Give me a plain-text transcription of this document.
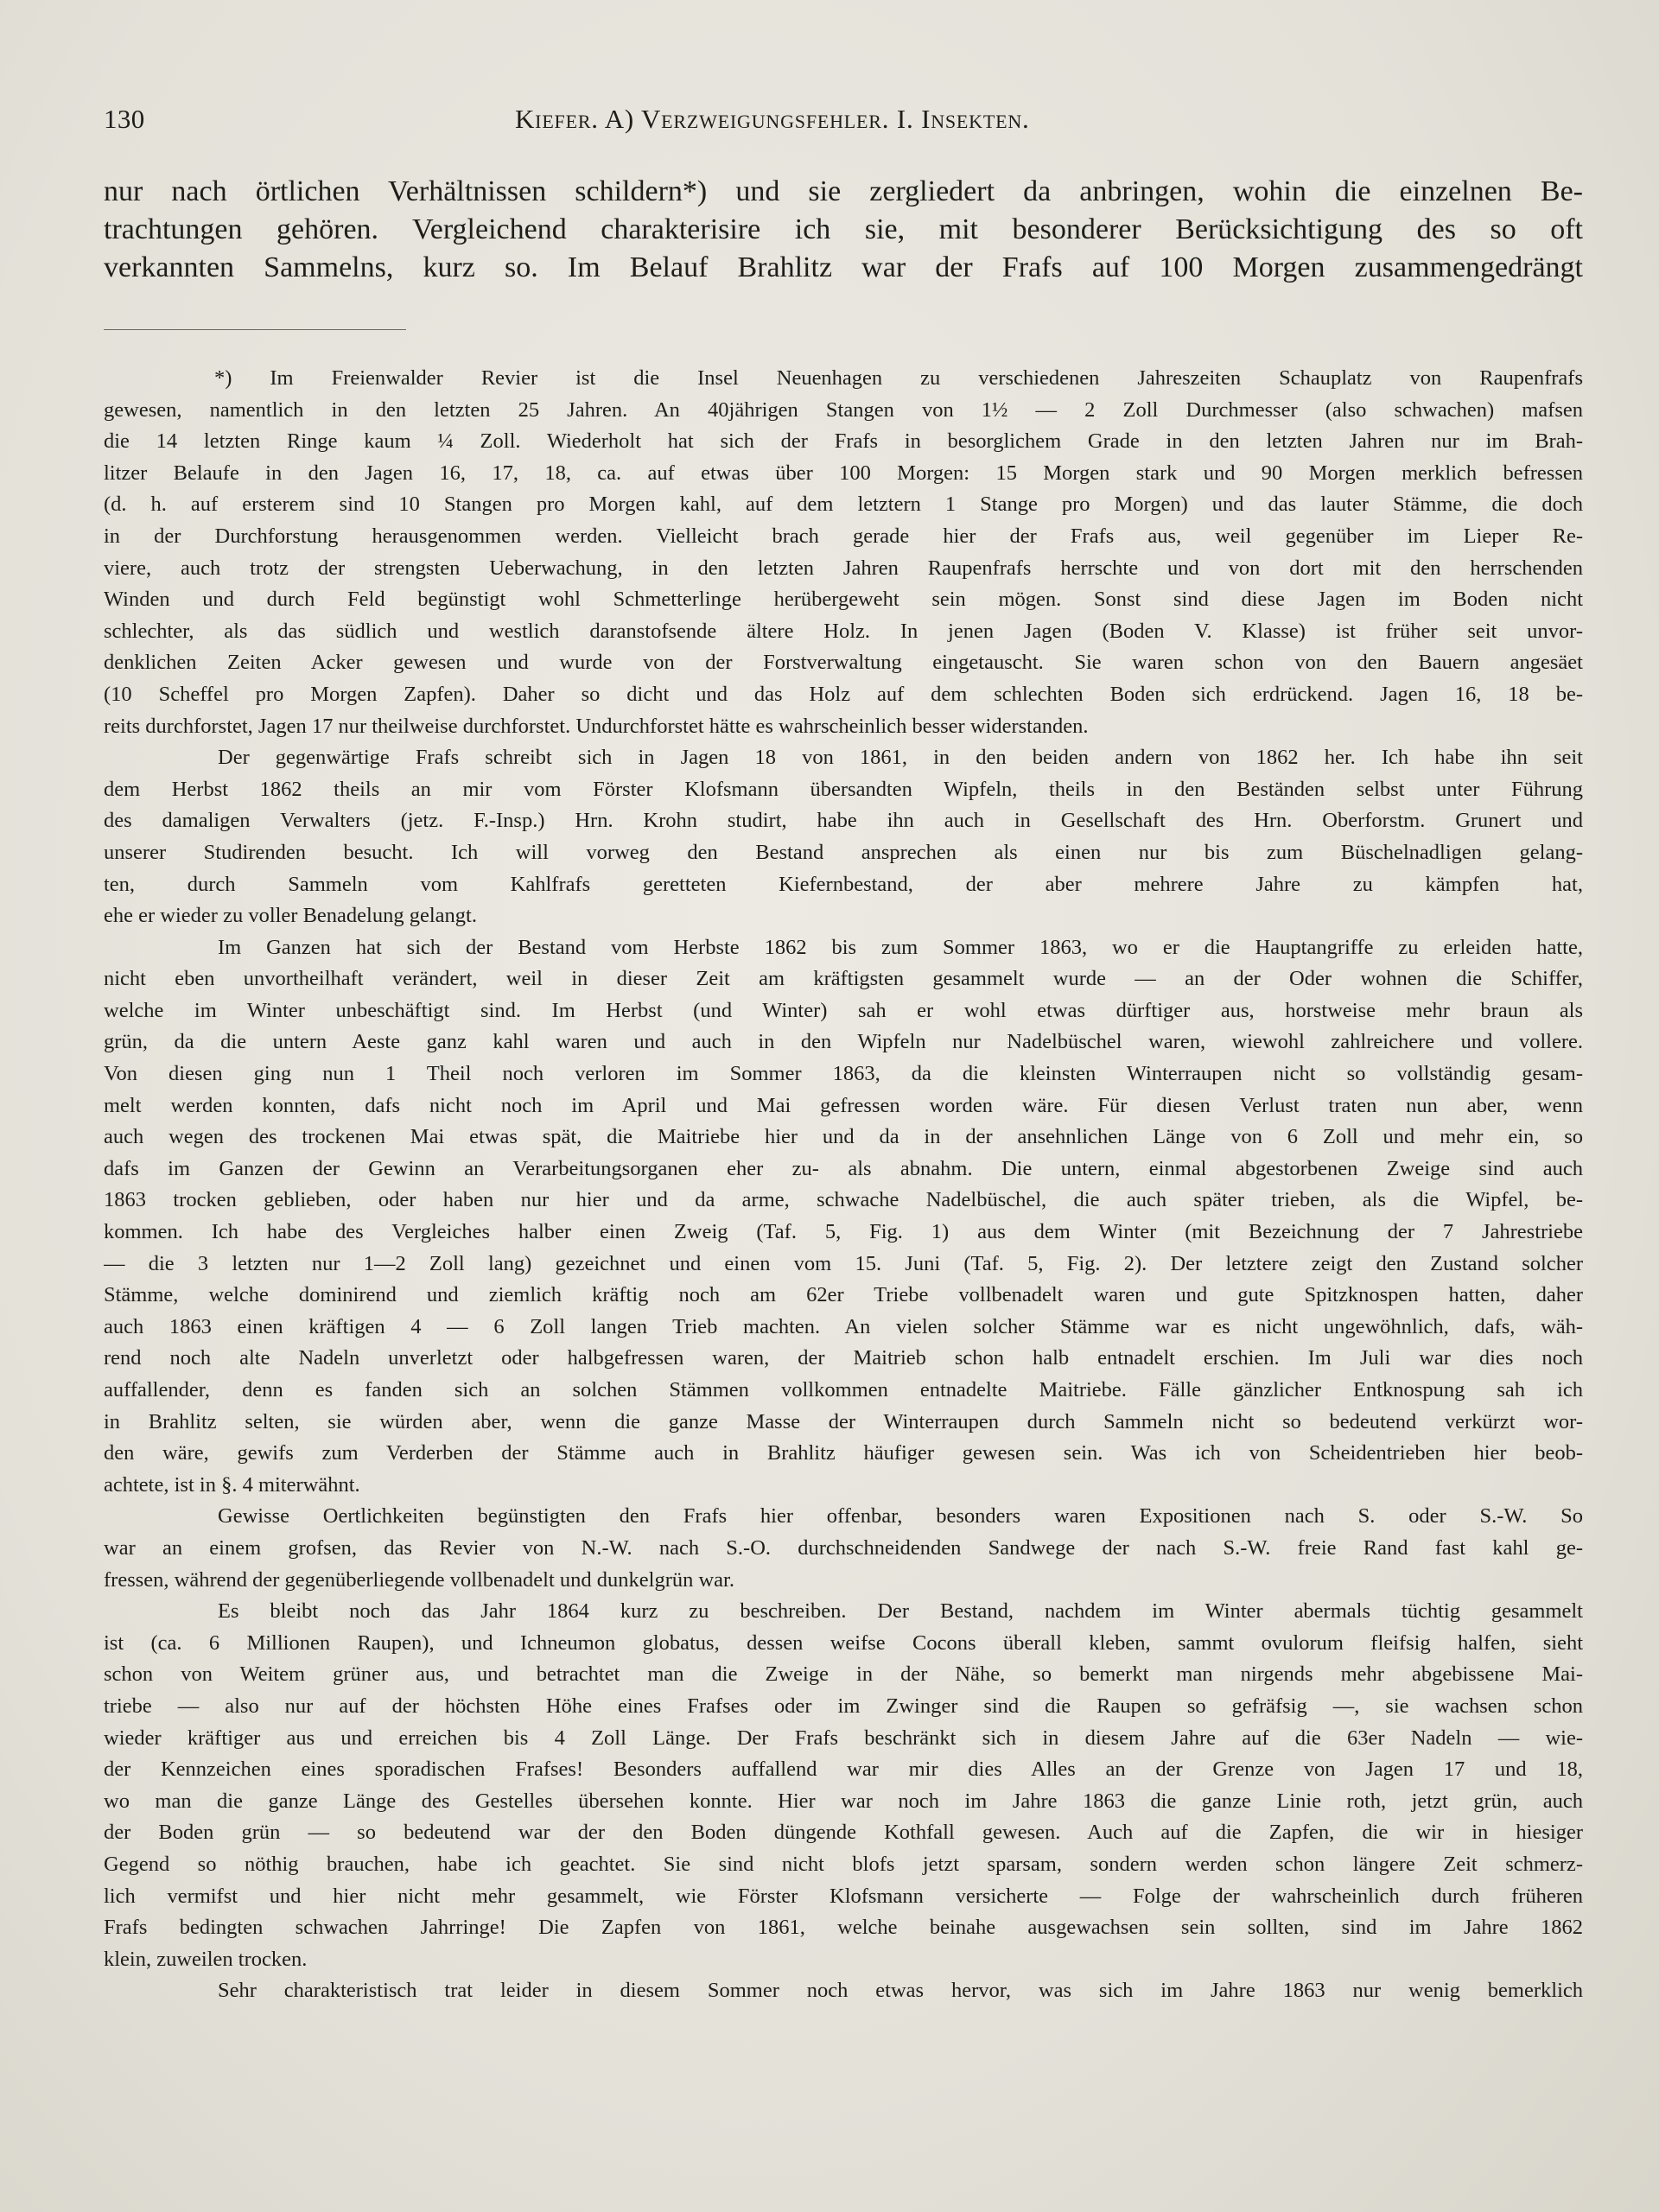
130	Kiefer. A) Verzweigungsfehler. I. Insekten.
nur nach örtlichen Verhältnissen schildern*) und sie zergliedert da anbringen, wohin die einzelnen Be-
trachtungen gehören. Vergleichend charakterisire ich sie, mit besonderer Berücksichtigung des so oft
verkannten Sammelns, kurz so. Im Belauf Brahlitz war der Frafs auf 100 Morgen zusammengedrängt
*) Im Freienwalder Revier ist die Insel Neuenhagen zu verschiedenen Jahreszeiten Schauplatz von Raupenfrafs
gewesen, namentlich in den letzten 25 Jahren. An 40jährigen Stangen von 1½ — 2 Zoll Durchmesser (also schwachen) mafsen
die 14 letzten Ringe kaum ¼ Zoll. Wiederholt hat sich der Frafs in besorglichem Grade in den letzten Jahren nur im Brah-
litzer Belaufe in den Jagen 16, 17, 18, ca. auf etwas über 100 Morgen: 15 Morgen stark und 90 Morgen merklich befressen
(d. h. auf ersterem sind 10 Stangen pro Morgen kahl, auf dem letztern 1 Stange pro Morgen) und das lauter Stämme, die doch
in der Durchforstung herausgenommen werden. Vielleicht brach gerade hier der Frafs aus, weil gegenüber im Lieper Re-
viere, auch trotz der strengsten Ueberwachung, in den letzten Jahren Raupenfrafs herrschte und von dort mit den herrschenden
Winden und durch Feld begünstigt wohl Schmetterlinge herübergeweht sein mögen. Sonst sind diese Jagen im Boden nicht
schlechter, als das südlich und westlich daranstofsende ältere Holz. In jenen Jagen (Boden V. Klasse) ist früher seit unvor-
denklichen Zeiten Acker gewesen und wurde von der Forstverwaltung eingetauscht. Sie waren schon von den Bauern angesäet
(10 Scheffel pro Morgen Zapfen). Daher so dicht und das Holz auf dem schlechten Boden sich erdrückend. Jagen 16, 18 be-
reits durchforstet, Jagen 17 nur theilweise durchforstet. Undurchforstet hätte es wahrscheinlich besser widerstanden.
Der gegenwärtige Frafs schreibt sich in Jagen 18 von 1861, in den beiden andern von 1862 her. Ich habe ihn seit
dem Herbst 1862 theils an mir vom Förster Klofsmann übersandten Wipfeln, theils in den Beständen selbst unter Führung
des damaligen Verwalters (jetz. F.-Insp.) Hrn. Krohn studirt, habe ihn auch in Gesellschaft des Hrn. Oberforstm. Grunert und
unserer Studirenden besucht. Ich will vorweg den Bestand ansprechen als einen nur bis zum Büschelnadligen gelang-
ten, durch Sammeln vom Kahlfrafs geretteten Kiefernbestand, der aber mehrere Jahre zu kämpfen hat,
ehe er wieder zu voller Benadelung gelangt.
Im Ganzen hat sich der Bestand vom Herbste 1862 bis zum Sommer 1863, wo er die Hauptangriffe zu erleiden hatte,
nicht eben unvortheilhaft verändert, weil in dieser Zeit am kräftigsten gesammelt wurde — an der Oder wohnen die Schiffer,
welche im Winter unbeschäftigt sind. Im Herbst (und Winter) sah er wohl etwas dürftiger aus, horstweise mehr braun als
grün, da die untern Aeste ganz kahl waren und auch in den Wipfeln nur Nadelbüschel waren, wiewohl zahlreichere und vollere.
Von diesen ging nun 1 Theil noch verloren im Sommer 1863, da die kleinsten Winterraupen nicht so vollständig gesam-
melt werden konnten, dafs nicht noch im April und Mai gefressen worden wäre. Für diesen Verlust traten nun aber, wenn
auch wegen des trockenen Mai etwas spät, die Maitriebe hier und da in der ansehnlichen Länge von 6 Zoll und mehr ein, so
dafs im Ganzen der Gewinn an Verarbeitungsorganen eher zu- als abnahm. Die untern, einmal abgestorbenen Zweige sind auch
1863 trocken geblieben, oder haben nur hier und da arme, schwache Nadelbüschel, die auch später trieben, als die Wipfel, be-
kommen. Ich habe des Vergleiches halber einen Zweig (Taf. 5, Fig. 1) aus dem Winter (mit Bezeichnung der 7 Jahrestriebe
— die 3 letzten nur 1—2 Zoll lang) gezeichnet und einen vom 15. Juni (Taf. 5, Fig. 2). Der letztere zeigt den Zustand solcher
Stämme, welche dominirend und ziemlich kräftig noch am 62er Triebe vollbenadelt waren und gute Spitzknospen hatten, daher
auch 1863 einen kräftigen 4 — 6 Zoll langen Trieb machten. An vielen solcher Stämme war es nicht ungewöhnlich, dafs, wäh-
rend noch alte Nadeln unverletzt oder halbgefressen waren, der Maitrieb schon halb entnadelt erschien. Im Juli war dies noch
auffallender, denn es fanden sich an solchen Stämmen vollkommen entnadelte Maitriebe. Fälle gänzlicher Entknospung sah ich
in Brahlitz selten, sie würden aber, wenn die ganze Masse der Winterraupen durch Sammeln nicht so bedeutend verkürzt wor-
den wäre, gewifs zum Verderben der Stämme auch in Brahlitz häufiger gewesen sein. Was ich von Scheidentrieben hier beob-
achtete, ist in §. 4 miterwähnt.
Gewisse Oertlichkeiten begünstigten den Frafs hier offenbar, besonders waren Expositionen nach S. oder S.-W. So
war an einem grofsen, das Revier von N.-W. nach S.-O. durchschneidenden Sandwege der nach S.-W. freie Rand fast kahl ge-
fressen, während der gegenüberliegende vollbenadelt und dunkelgrün war.
Es bleibt noch das Jahr 1864 kurz zu beschreiben. Der Bestand, nachdem im Winter abermals tüchtig gesammelt
ist (ca. 6 Millionen Raupen), und Ichneumon globatus, dessen weifse Cocons überall kleben, sammt ovulorum fleifsig halfen, sieht
schon von Weitem grüner aus, und betrachtet man die Zweige in der Nähe, so bemerkt man nirgends mehr abgebissene Mai-
triebe — also nur auf der höchsten Höhe eines Frafses oder im Zwinger sind die Raupen so gefräfsig —, sie wachsen schon
wieder kräftiger aus und erreichen bis 4 Zoll Länge. Der Frafs beschränkt sich in diesem Jahre auf die 63er Nadeln — wie-
der Kennzeichen eines sporadischen Frafses! Besonders auffallend war mir dies Alles an der Grenze von Jagen 17 und 18,
wo man die ganze Länge des Gestelles übersehen konnte. Hier war noch im Jahre 1863 die ganze Linie roth, jetzt grün, auch
der Boden grün — so bedeutend war der den Boden düngende Kothfall gewesen. Auch auf die Zapfen, die wir in hiesiger
Gegend so nöthig brauchen, habe ich geachtet. Sie sind nicht blofs jetzt sparsam, sondern werden schon längere Zeit schmerz-
lich vermifst und hier nicht mehr gesammelt, wie Förster Klofsmann versicherte — Folge der wahrscheinlich durch früheren
Frafs bedingten schwachen Jahrringe! Die Zapfen von 1861, welche beinahe ausgewachsen sein sollten, sind im Jahre 1862
klein, zuweilen trocken.
Sehr charakteristisch trat leider in diesem Sommer noch etwas hervor, was sich im Jahre 1863 nur wenig bemerklich
